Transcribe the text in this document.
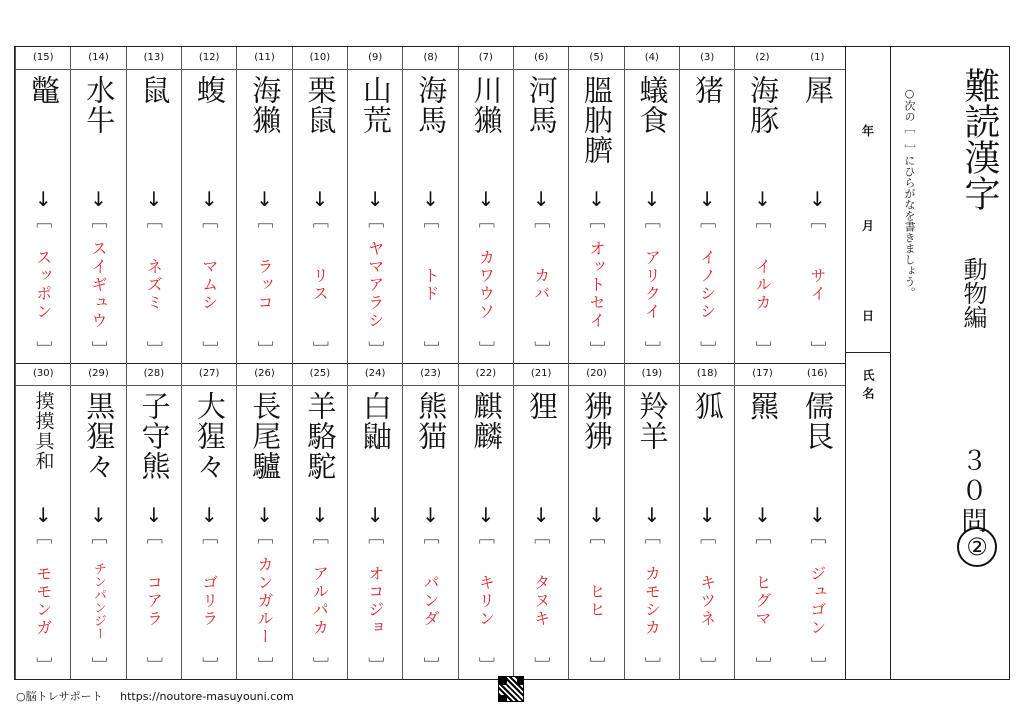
(1)
犀
↓
［
サイ
］
(2)
海豚
↓
［
イルカ
］
(3)
猪
↓
［
イノシシ
］
(4)
蟻食
↓
［
アリクイ
］
(5)
膃肭臍
↓
［
オットセイ
］
(6)
河馬
↓
［
カバ
］
(7)
川獺
↓
［
カワウソ
］
(8)
海馬
↓
［
トド
］
(9)
山荒
↓
［
ヤマアラシ
］
(10)
栗鼠
↓
［
リス
］
(11)
海獺
↓
［
ラッコ
］
(12)
蝮
↓
［
マムシ
］
(13)
鼠
↓
［
ネズミ
］
(14)
水牛
↓
［
スイギュウ
］
(15)
鼈
↓
［
スッポン
］
(16)
儒艮
↓
［
ジュゴン
］
(17)
羆
↓
［
ヒグマ
］
(18)
狐
↓
［
キツネ
］
(19)
羚羊
↓
［
カモシカ
］
(20)
狒狒
↓
［
ヒヒ
］
(21)
狸
↓
［
タヌキ
］
(22)
麒麟
↓
［
キリン
］
(23)
熊猫
↓
［
パンダ
］
(24)
白鼬
↓
［
オコジョ
］
(25)
羊駱駝
↓
［
アルパカ
］
(26)
長尾驢
↓
［
カンガルー
］
(27)
大猩々
↓
［
ゴリラ
］
(28)
子守熊
↓
［
コアラ
］
(29)
黒猩々
↓
［
チンパンジー
］
(30)
摸摸具和
↓
［
モモンガ
］
年
月
日
氏名
○次の［　］にひらがなを書きましょう。 難読漢字
動物編
３０問
②
○脳トレサポート https://noutore-masuyouni.com
